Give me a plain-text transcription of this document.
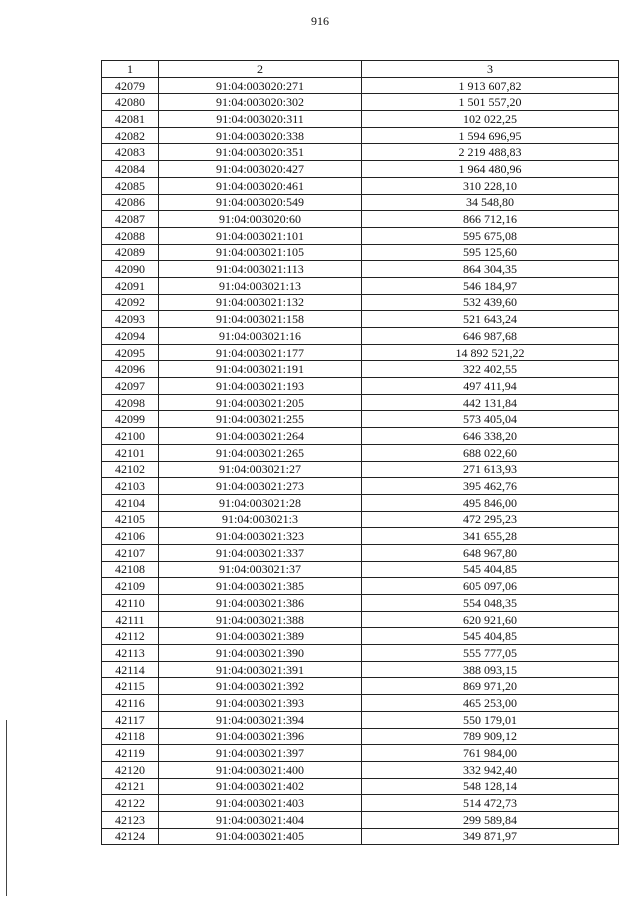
916
1	2	3
42079	91:04:003020:271	1 913 607,82
42080	91:04:003020:302	1 501 557,20
42081	91:04:003020:311	102 022,25
42082	91:04:003020:338	1 594 696,95
42083	91:04:003020:351	2 219 488,83
42084	91:04:003020:427	1 964 480,96
42085	91:04:003020:461	310 228,10
42086	91:04:003020:549	34 548,80
42087	91:04:003020:60	866 712,16
42088	91:04:003021:101	595 675,08
42089	91:04:003021:105	595 125,60
42090	91:04:003021:113	864 304,35
42091	91:04:003021:13	546 184,97
42092	91:04:003021:132	532 439,60
42093	91:04:003021:158	521 643,24
42094	91:04:003021:16	646 987,68
42095	91:04:003021:177	14 892 521,22
42096	91:04:003021:191	322 402,55
42097	91:04:003021:193	497 411,94
42098	91:04:003021:205	442 131,84
42099	91:04:003021:255	573 405,04
42100	91:04:003021:264	646 338,20
42101	91:04:003021:265	688 022,60
42102	91:04:003021:27	271 613,93
42103	91:04:003021:273	395 462,76
42104	91:04:003021:28	495 846,00
42105	91:04:003021:3	472 295,23
42106	91:04:003021:323	341 655,28
42107	91:04:003021:337	648 967,80
42108	91:04:003021:37	545 404,85
42109	91:04:003021:385	605 097,06
42110	91:04:003021:386	554 048,35
42111	91:04:003021:388	620 921,60
42112	91:04:003021:389	545 404,85
42113	91:04:003021:390	555 777,05
42114	91:04:003021:391	388 093,15
42115	91:04:003021:392	869 971,20
42116	91:04:003021:393	465 253,00
42117	91:04:003021:394	550 179,01
42118	91:04:003021:396	789 909,12
42119	91:04:003021:397	761 984,00
42120	91:04:003021:400	332 942,40
42121	91:04:003021:402	548 128,14
42122	91:04:003021:403	514 472,73
42123	91:04:003021:404	299 589,84
42124	91:04:003021:405	349 871,97
